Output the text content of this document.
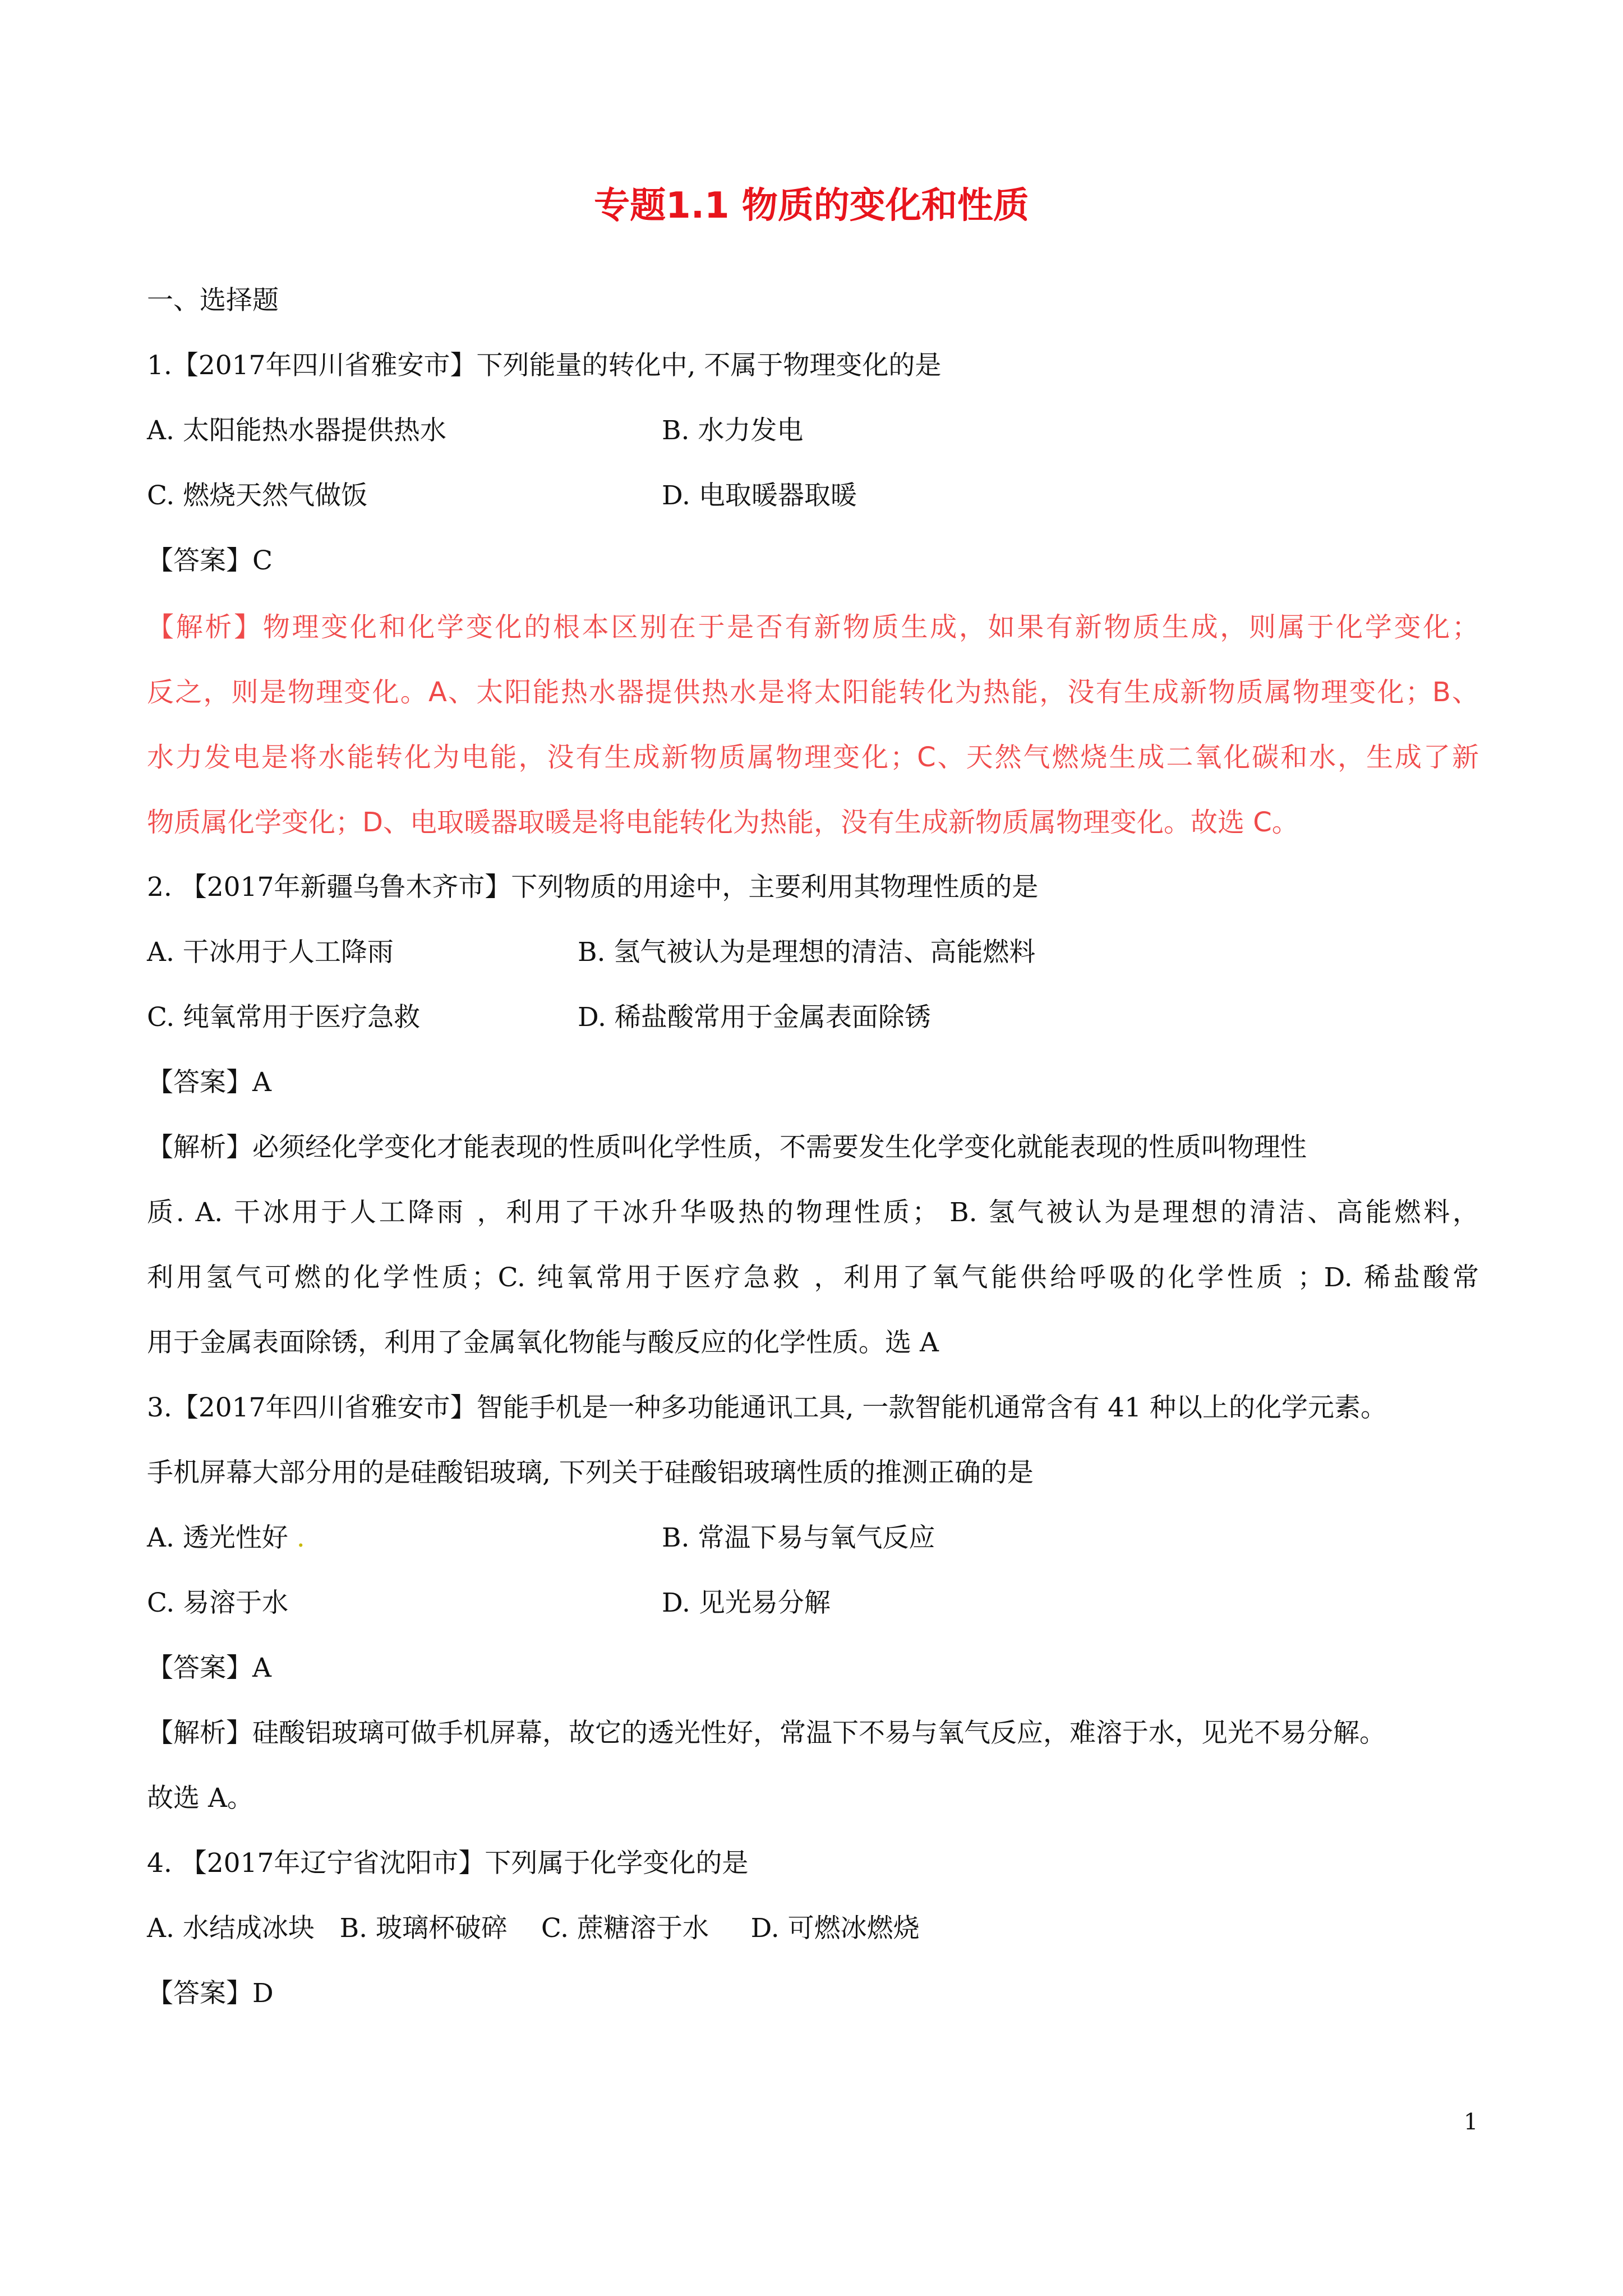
专题1.1 物质的变化和性质
一、选择题
1.【2017年四川省雅安市】下列能量的转化中, 不属于物理变化的是
A. 太阳能热水器提供热水	B. 水力发电
C. 燃烧天然气做饭	D. 电取暖器取暖
【答案】C
【解析】物理变化和化学变化的根本区别在于是否有新物质生成，如果有新物质生成，则属于化学变化；
反之，则是物理变化。A、太阳能热水器提供热水是将太阳能转化为热能，没有生成新物质属物理变化；B、
水力发电是将水能转化为电能，没有生成新物质属物理变化；C、天然气燃烧生成二氧化碳和水，生成了新
物质属化学变化；D、电取暖器取暖是将电能转化为热能，没有生成新物质属物理变化。故选 C。
2. 【2017年新疆乌鲁木齐市】下列物质的用途中，主要利用其物理性质的是
A. 干冰用于人工降雨	B. 氢气被认为是理想的清洁、高能燃料
C. 纯氧常用于医疗急救	D. 稀盐酸常用于金属表面除锈
【答案】A
【解析】必须经化学变化才能表现的性质叫化学性质，不需要发生化学变化就能表现的性质叫物理性
质. A. 干冰用于人工降雨 ，利用了干冰升华吸热的物理性质； B. 氢气被认为是理想的清洁、高能燃料，
利用氢气可燃的化学性质；C. 纯氧常用于医疗急救 ，利用了氧气能供给呼吸的化学性质 ；D. 稀盐酸常
用于金属表面除锈，利用了金属氧化物能与酸反应的化学性质。选 A
3.【2017年四川省雅安市】智能手机是一种多功能通讯工具, 一款智能机通常含有 41 种以上的化学元素。
手机屏幕大部分用的是硅酸铝玻璃, 下列关于硅酸铝玻璃性质的推测正确的是
A. 透光性好 .	B. 常温下易与氧气反应
C. 易溶于水	D. 见光易分解
【答案】A
【解析】硅酸铝玻璃可做手机屏幕，故它的透光性好，常温下不易与氧气反应，难溶于水，见光不易分解。
故选 A。
4. 【2017年辽宁省沈阳市】下列属于化学变化的是
A. 水结成冰块   B. 玻璃杯破碎    C. 蔗糖溶于水     D. 可燃冰燃烧
【答案】D
1
